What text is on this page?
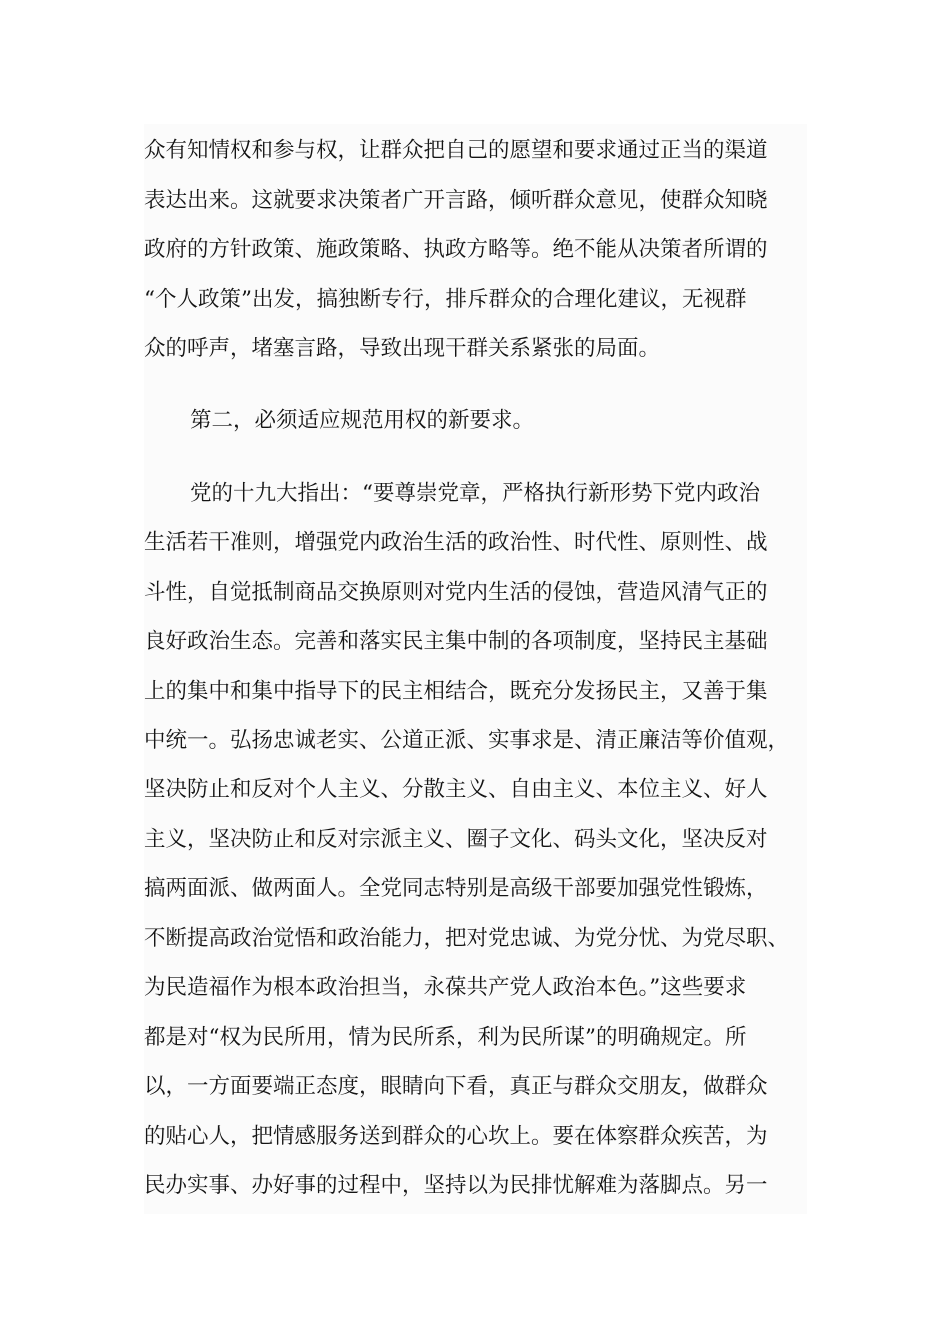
众有知情权和参与权，让群众把自己的愿望和要求通过正当的渠道
表达出来。这就要求决策者广开言路，倾听群众意见，使群众知晓
政府的方针政策、施政策略、执政方略等。绝不能从决策者所谓的
“个人政策”出发，搞独断专行，排斥群众的合理化建议，无视群
众的呼声，堵塞言路，导致出现干群关系紧张的局面。
第二，必须适应规范用权的新要求。
党的十九大指出：“要尊崇党章，严格执行新形势下党内政治
生活若干准则，增强党内政治生活的政治性、时代性、原则性、战
斗性，自觉抵制商品交换原则对党内生活的侵蚀，营造风清气正的
良好政治生态。完善和落实民主集中制的各项制度，坚持民主基础
上的集中和集中指导下的民主相结合，既充分发扬民主，又善于集
中统一。弘扬忠诚老实、公道正派、实事求是、清正廉洁等价值观，
坚决防止和反对个人主义、分散主义、自由主义、本位主义、好人
主义，坚决防止和反对宗派主义、圈子文化、码头文化，坚决反对
搞两面派、做两面人。全党同志特别是高级干部要加强党性锻炼，
不断提高政治觉悟和政治能力，把对党忠诚、为党分忧、为党尽职、
为民造福作为根本政治担当，永葆共产党人政治本色。”这些要求
都是对“权为民所用，情为民所系，利为民所谋”的明确规定。所
以，一方面要端正态度，眼睛向下看，真正与群众交朋友，做群众
的贴心人，把情感服务送到群众的心坎上。要在体察群众疾苦，为
民办实事、办好事的过程中，坚持以为民排忧解难为落脚点。另一
